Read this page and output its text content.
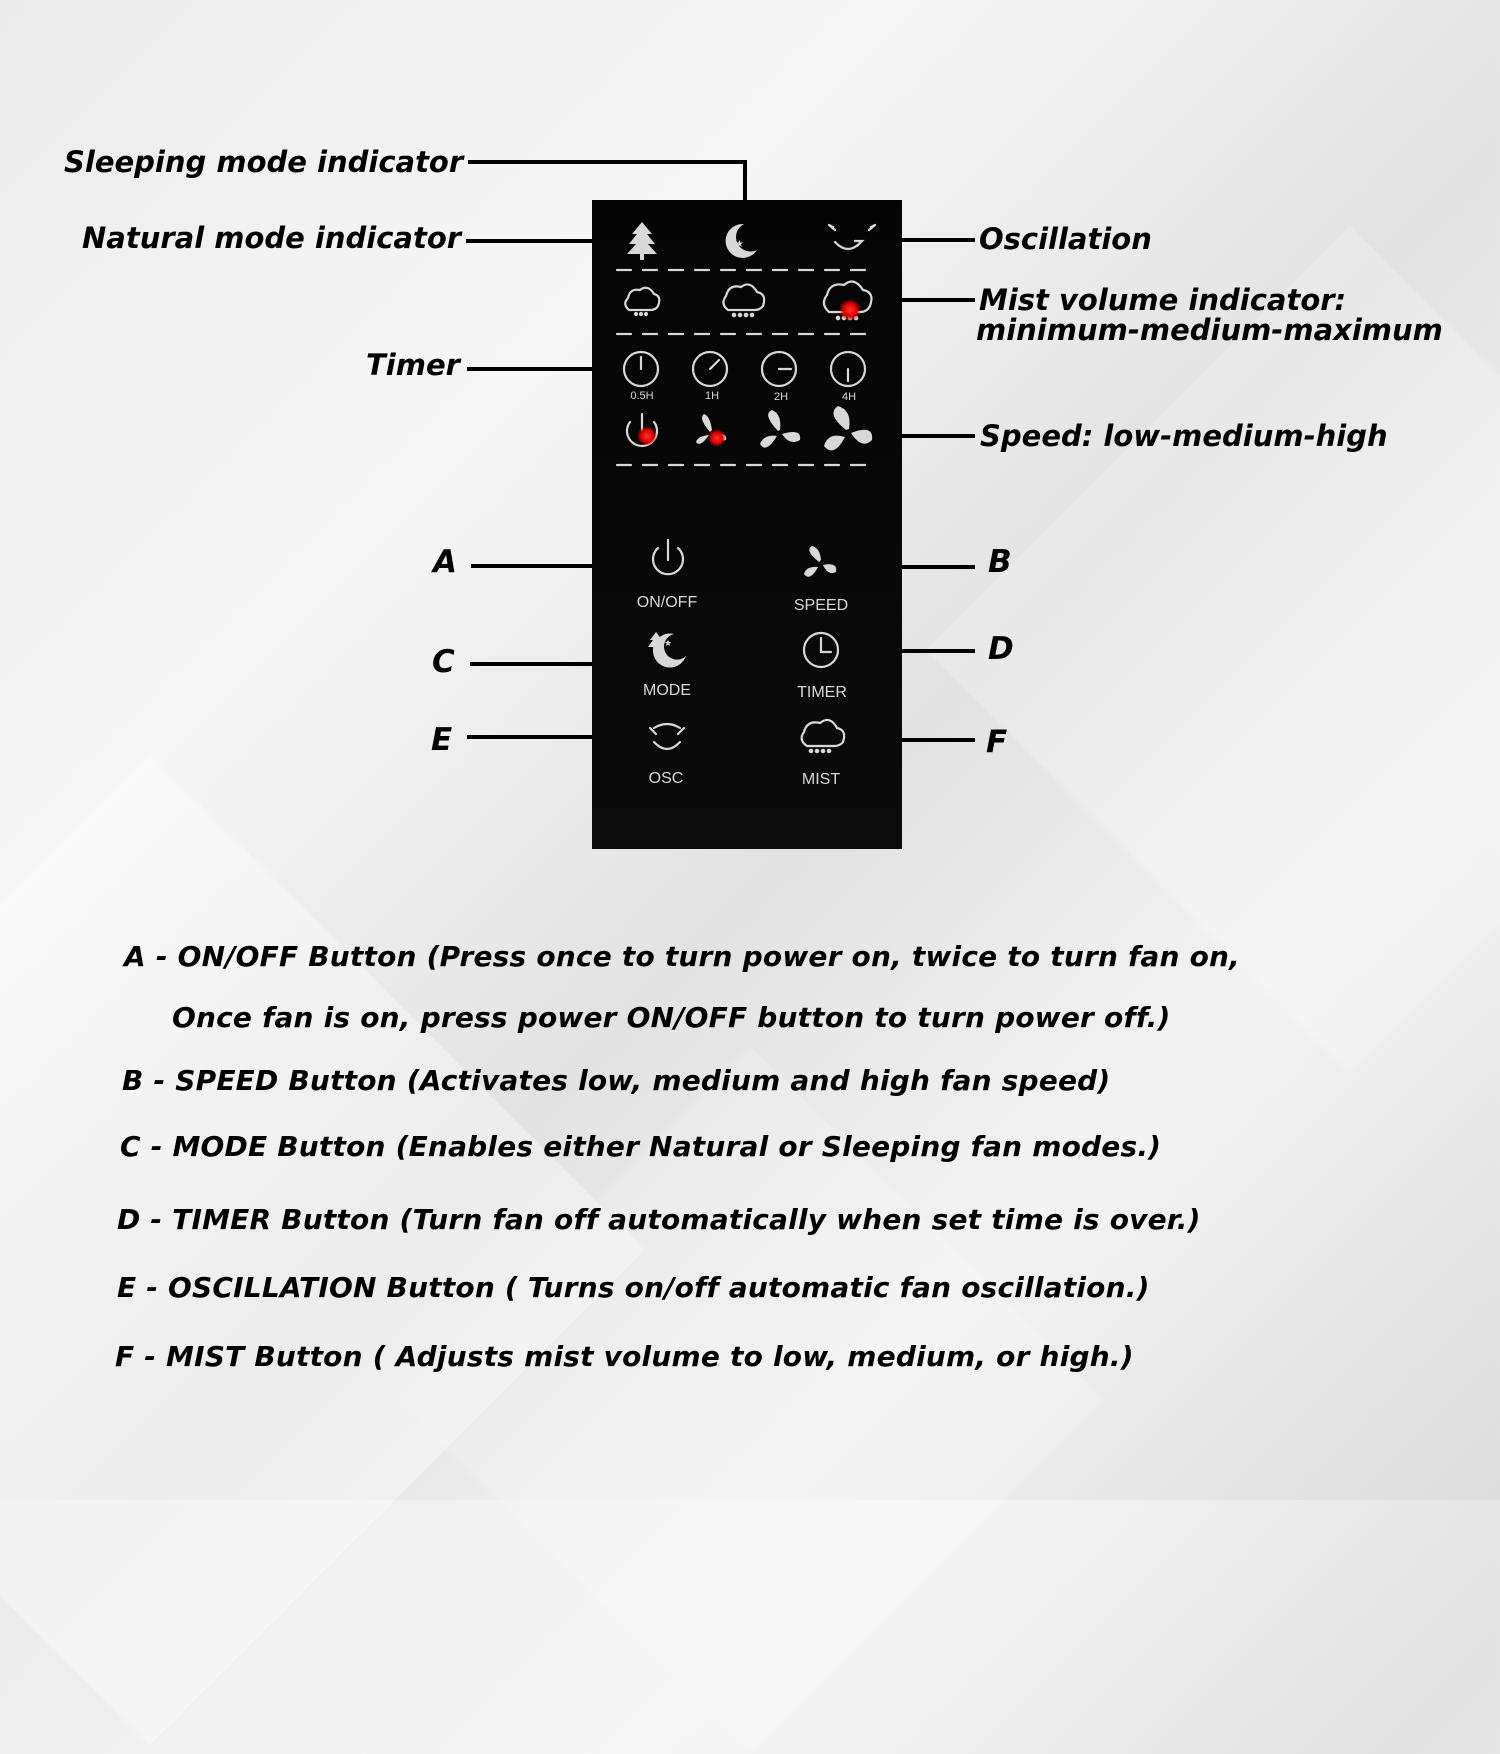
Sleeping mode indicator
Natural mode indicator	Oscillation
Mist volume indicator:
minimum-medium-maximum
Timer
Speed: low-medium-high
A	B
C	D
E	F
★
★
0.5H	1H	2H	4H
ON/OFF	SPEED
MODE	TIMER
OSC	MIST
A - ON/OFF Button (Press once to turn power on, twice to turn fan on,
Once fan is on, press power ON/OFF button to turn power off.)
B - SPEED Button (Activates low, medium and high fan speed)
C - MODE Button (Enables either Natural or Sleeping fan modes.)
D - TIMER Button (Turn fan off automatically when set time is over.)
E - OSCILLATION Button ( Turns on/off automatic fan oscillation.)
F - MIST Button ( Adjusts mist volume to low, medium, or high.)
